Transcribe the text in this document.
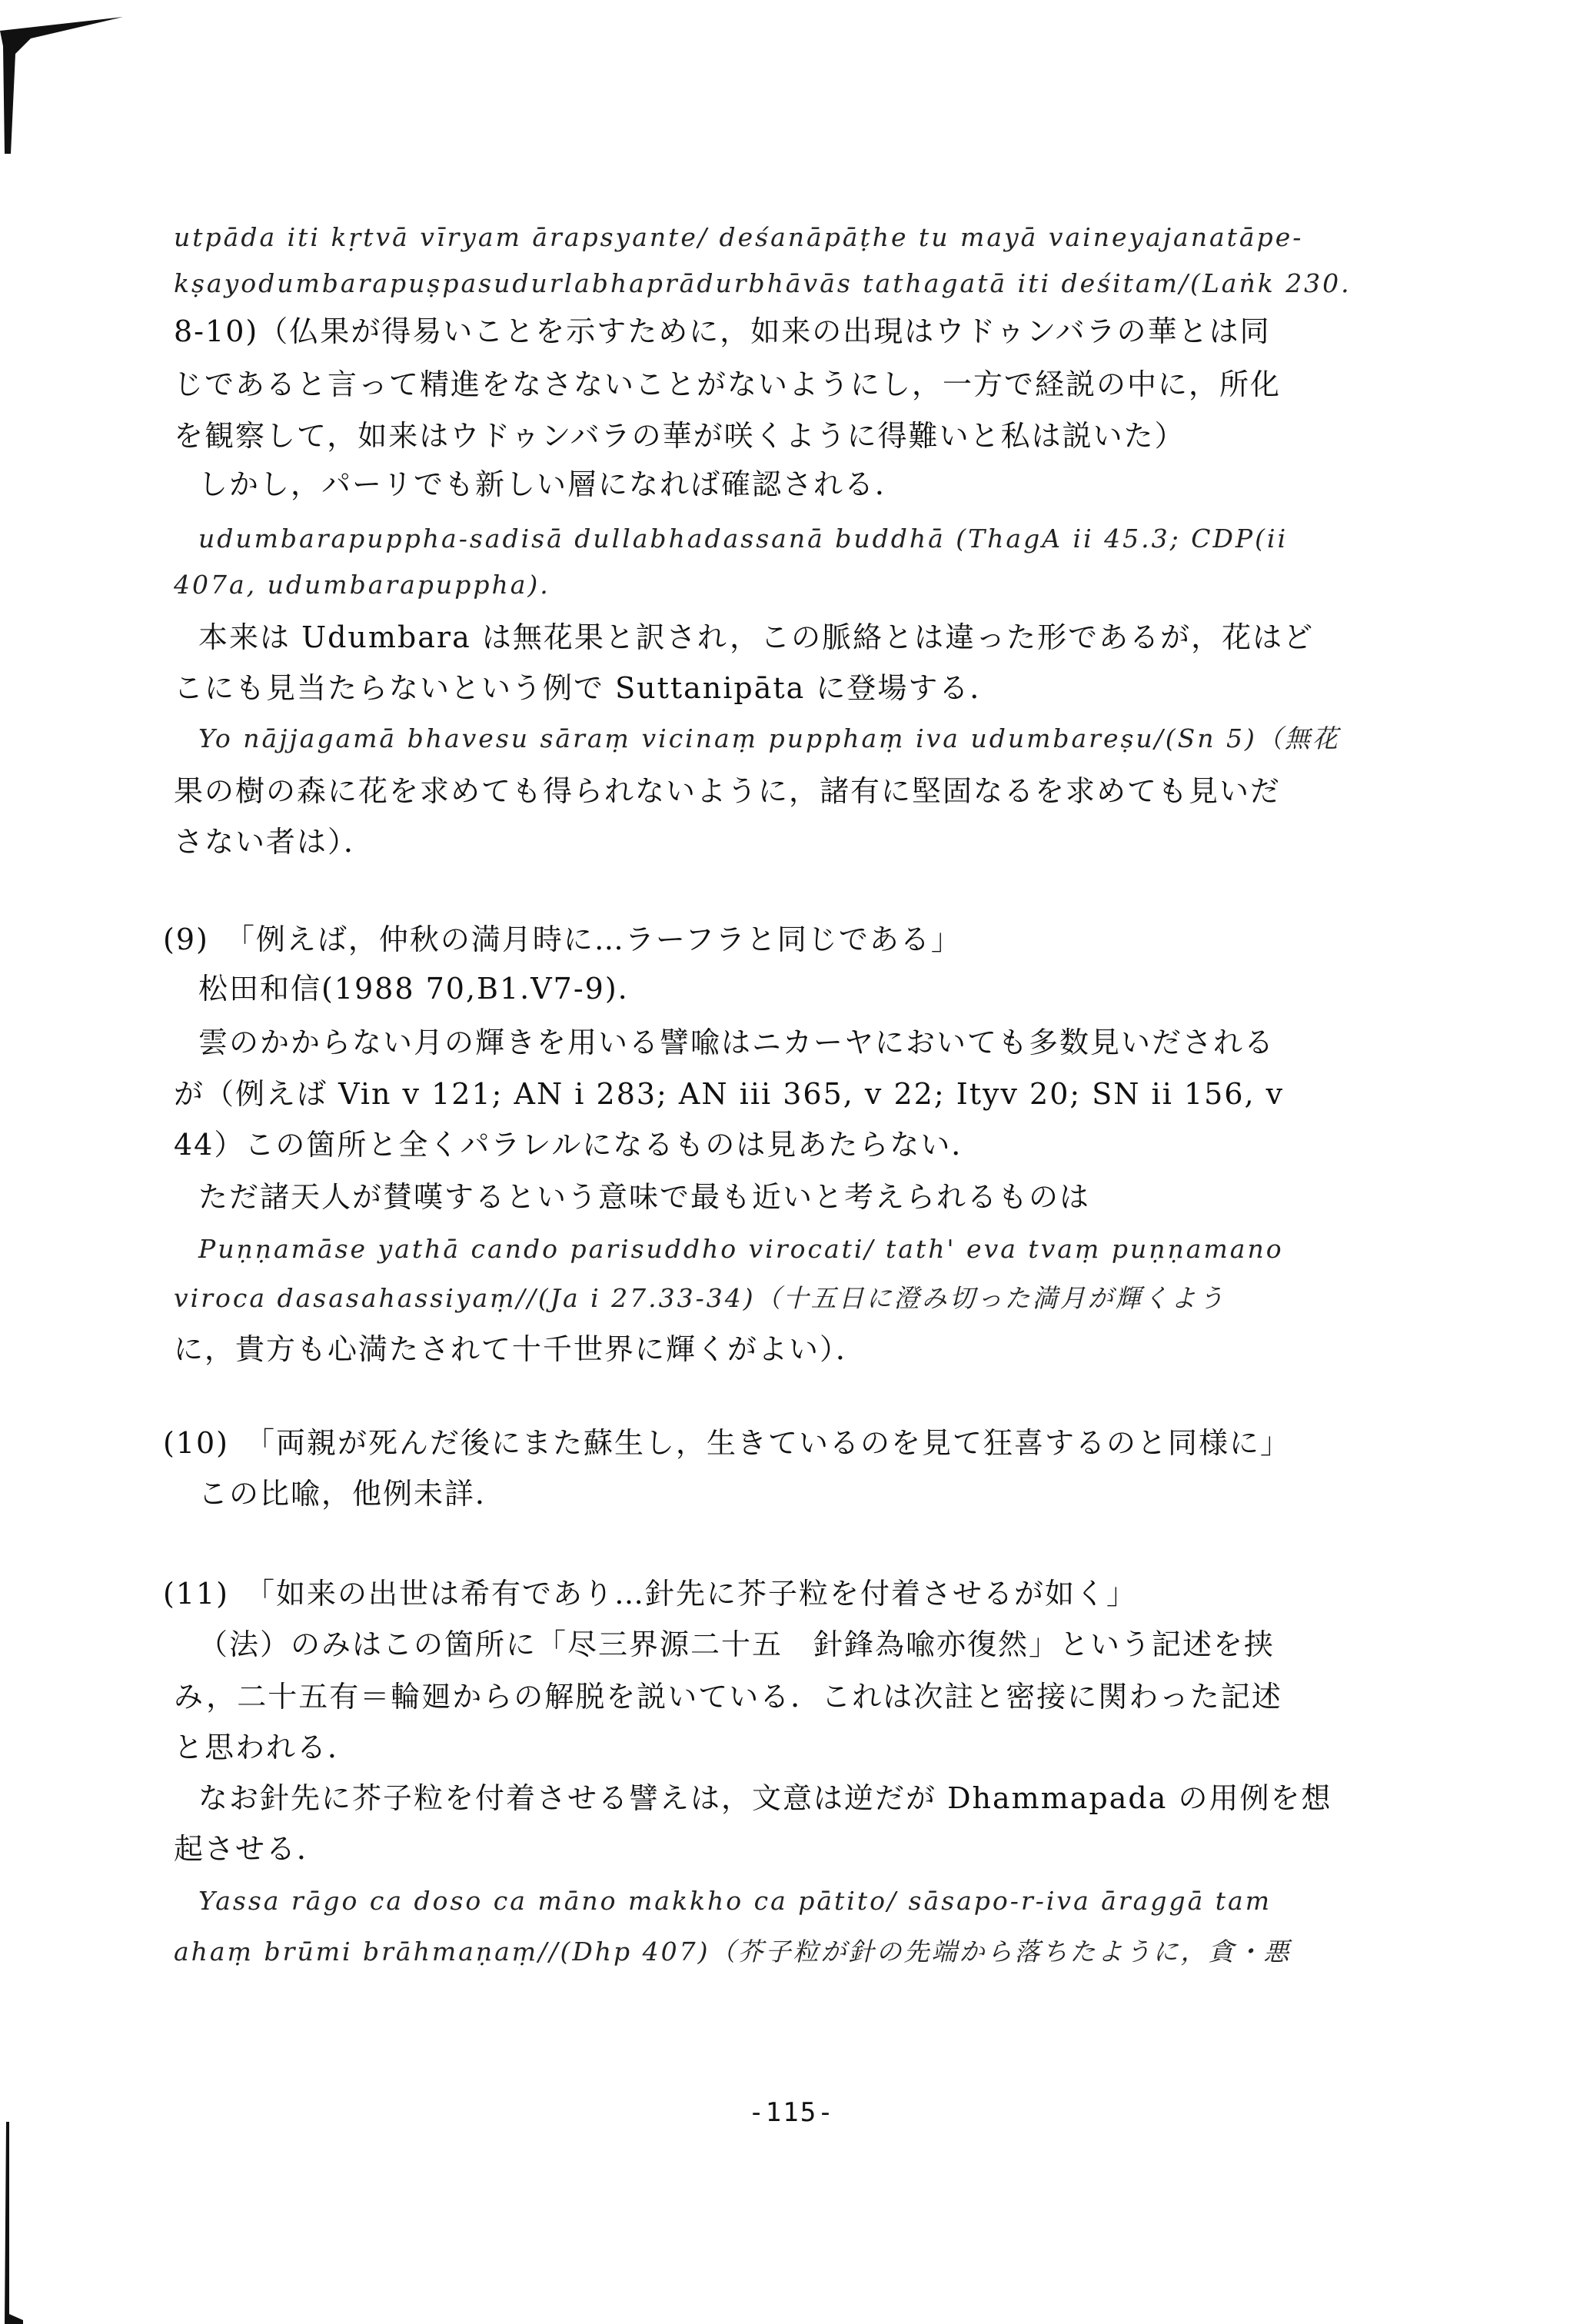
utpāda iti kṛtvā vīryam ārapsyante/ deśanāpāṭhe tu mayā vaineyajanatāpe-
kṣayodumbarapuṣpasudurlabhaprādurbhāvās tathagatā iti deśitam/(Laṅk 230.
8-10)（仏果が得易いことを示すために，如来の出現はウドゥンバラの華とは同
じであると言って精進をなさないことがないようにし，一方で経説の中に，所化
を観察して，如来はウドゥンバラの華が咲くように得難いと私は説いた）
しかし，パーリでも新しい層になれば確認される．
udumbarapuppha-sadisā dullabhadassanā buddhā (ThagA ii 45.3; CDP(ii
407a, udumbarapuppha).
本来は Udumbara は無花果と訳され，この脈絡とは違った形であるが，花はど
こにも見当たらないという例で Suttanipāta に登場する．
Yo nājjagamā bhavesu sāraṃ vicinaṃ pupphaṃ iva udumbareṣu/(Sn 5)（無花
果の樹の森に花を求めても得られないように，諸有に堅固なるを求めても見いだ
さない者は）．
(9)　「例えば，仲秋の満月時に…ラーフラと同じである」
松田和信(1988 70,B1.V7-9).
雲のかからない月の輝きを用いる譬喩はニカーヤにおいても多数見いだされる
が（例えば Vin v 121; AN i 283; AN iii 365, v 22; Ityv 20; SN ii 156, v
44）この箇所と全くパラレルになるものは見あたらない．
ただ諸天人が賛嘆するという意味で最も近いと考えられるものは
Puṇṇamāse yathā cando parisuddho virocati/ tath' eva tvaṃ puṇṇamano
viroca dasasahassiyaṃ//(Ja i 27.33-34)（十五日に澄み切った満月が輝くよう
に，貴方も心満たされて十千世界に輝くがよい）．
(10)　「両親が死んだ後にまた蘇生し，生きているのを見て狂喜するのと同様に」
この比喩，他例未詳．
(11)　「如来の出世は希有であり…針先に芥子粒を付着させるが如く」
（法）のみはこの箇所に「尽三界源二十五　針鋒為喩亦復然」という記述を挟
み，二十五有＝輪廻からの解脱を説いている．これは次註と密接に関わった記述
と思われる．
なお針先に芥子粒を付着させる譬えは，文意は逆だが Dhammapada の用例を想
起させる．
Yassa rāgo ca doso ca māno makkho ca pātito/ sāsapo-r-iva āraggā tam
ahaṃ brūmi brāhmaṇaṃ//(Dhp 407)（芥子粒が針の先端から落ちたように，貪・悪
-115-
